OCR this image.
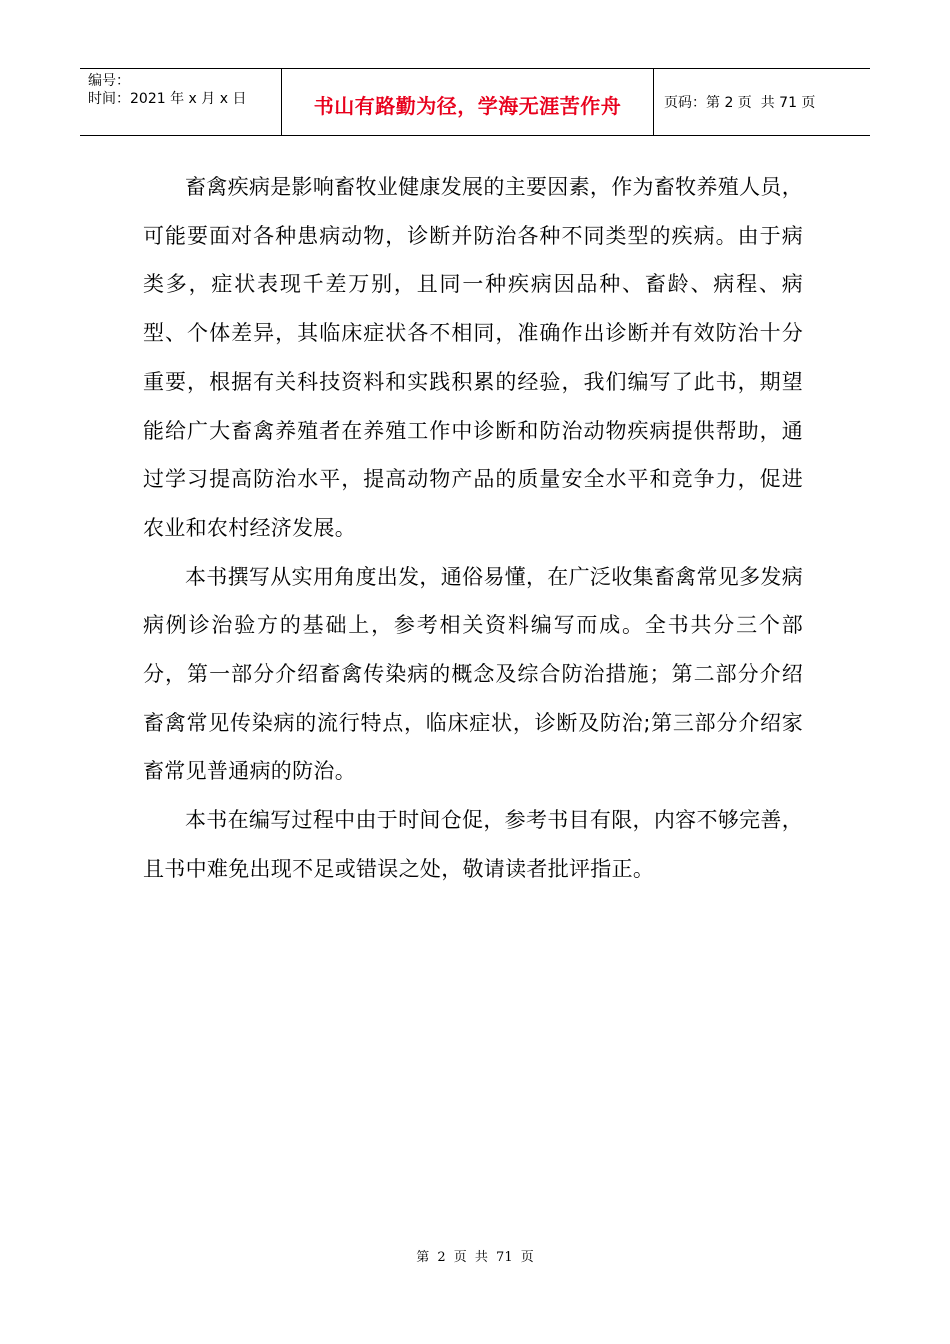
编号：
时间：2021 年 x 月 x 日	书山有路勤为径，学海无涯苦作舟	页码：第 2 页  共 71 页

畜禽疾病是影响畜牧业健康发展的主要因素，作为畜牧养殖人员，可能要面对各种患病动物，诊断并防治各种不同类型的疾病。由于病类多，症状表现千差万别，且同一种疾病因品种、畜龄、病程、病型、个体差异，其临床症状各不相同，准确作出诊断并有效防治十分重要，根据有关科技资料和实践积累的经验，我们编写了此书，期望能给广大畜禽养殖者在养殖工作中诊断和防治动物疾病提供帮助，通过学习提高防治水平，提高动物产品的质量安全水平和竞争力，促进农业和农村经济发展。

本书撰写从实用角度出发，通俗易懂，在广泛收集畜禽常见多发病病例诊治验方的基础上，参考相关资料编写而成。全书共分三个部分，第一部分介绍畜禽传染病的概念及综合防治措施；第二部分介绍畜禽常见传染病的流行特点，临床症状，诊断及防治;第三部分介绍家畜常见普通病的防治。

本书在编写过程中由于时间仓促，参考书目有限，内容不够完善，且书中难免出现不足或错误之处，敬请读者批评指正。

第 2 页 共 71 页
